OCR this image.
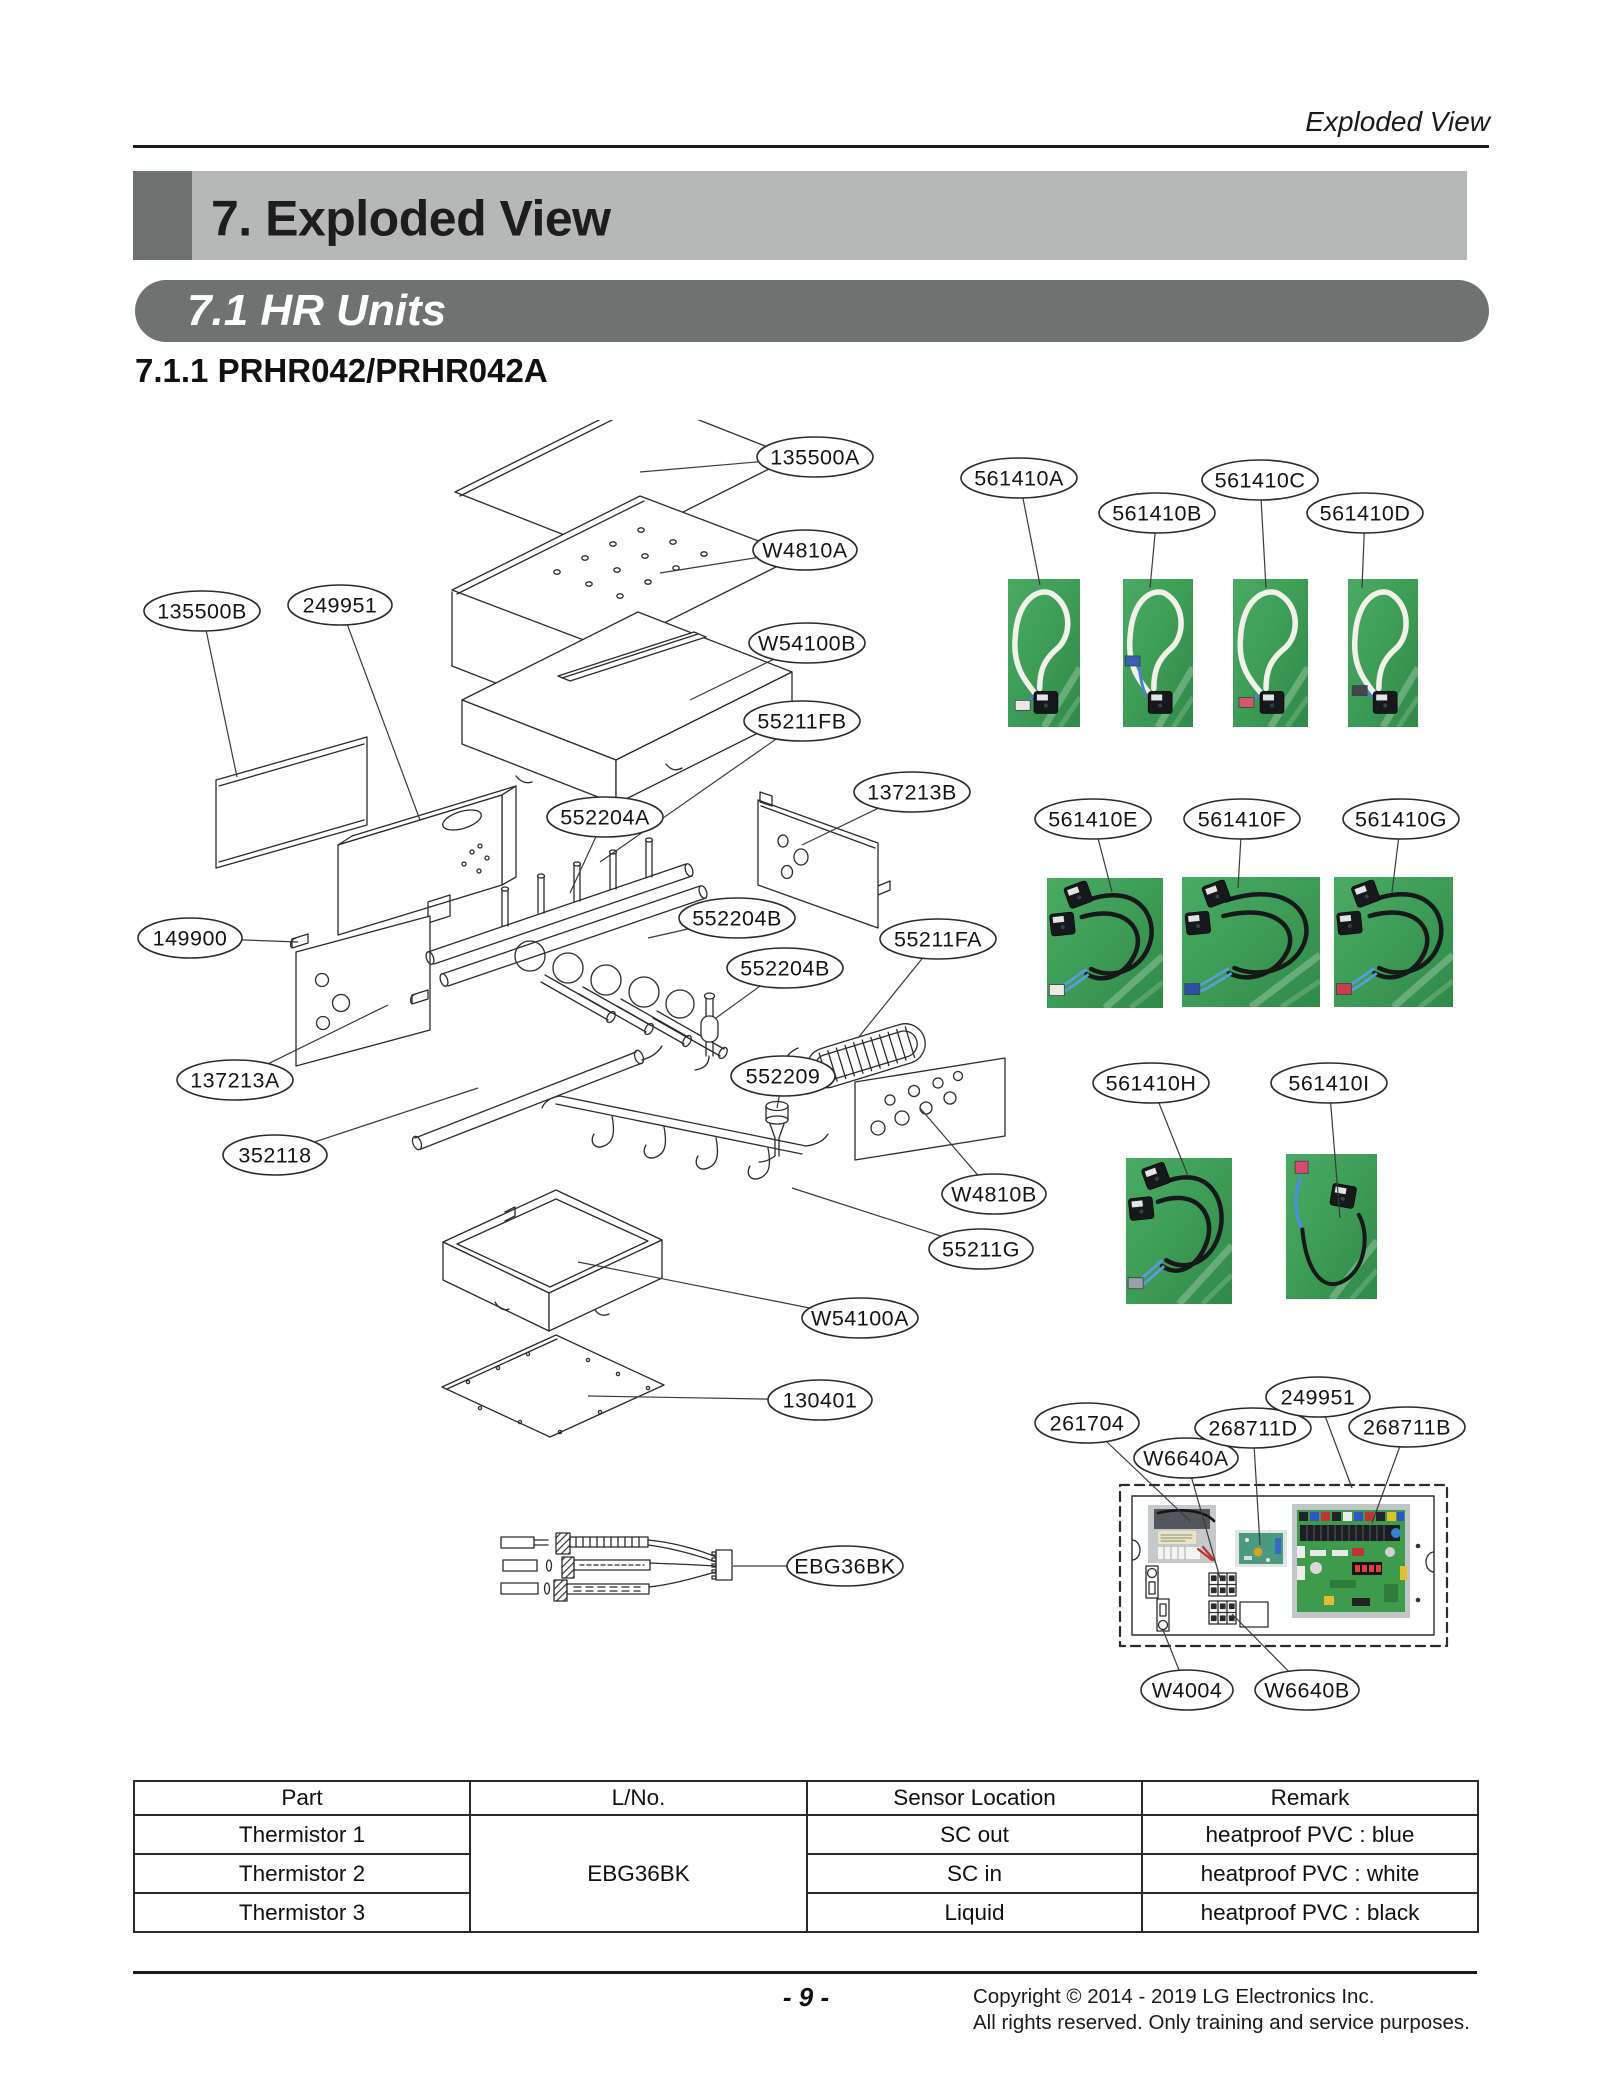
Exploded View
7. Exploded View
7.1 HR Units
7.1.1 PRHR042/PRHR042A
135500A
W4810A
W54100B
55211FB
137213B
552204A
552204B
55211FA
552204B
552209
135500B	249951
149900
137213A
352118
W4810B
55211G
W54100A
130401
EBG36BK
561410A
561410B
561410C
561410D
561410E	561410F	561410G
561410H	561410I
261704
W6640A
268711D
249951
268711B
W4004 W6640B
Part	L/No.	Sensor Location	Remark
Thermistor 1	EBG36BK	SC out	heatproof PVC : blue
Thermistor 2		SC in	heatproof PVC : white
Thermistor 3		Liquid	heatproof PVC : black
- 9 -	Copyright © 2014 - 2019 LG Electronics Inc.
All rights reserved. Only training and service purposes.
